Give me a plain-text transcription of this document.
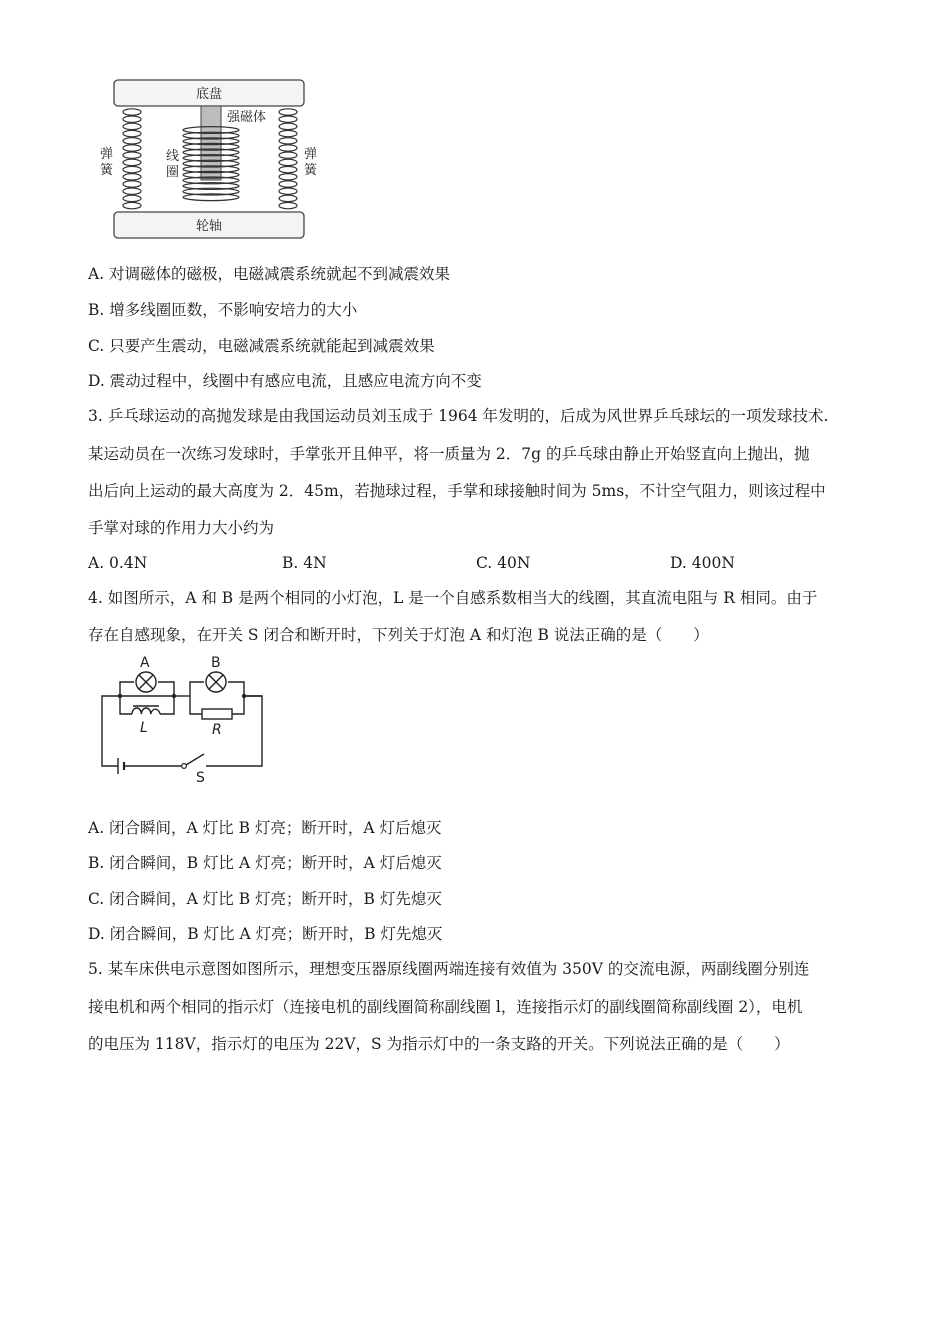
底盘
轮轴
强磁体
线
圈
弹
簧
弹
簧
A. 对调磁体的磁极，电磁减震系统就起不到减震效果
B. 增多线圈匝数，不影响安培力的大小
C. 只要产生震动，电磁减震系统就能起到减震效果
D. 震动过程中，线圈中有感应电流，且感应电流方向不变
3. 乒乓球运动的高抛发球是由我国运动员刘玉成于 1964 年发明的，后成为风世界乒乓球坛的一项发球技术.
某运动员在一次练习发球时，手掌张开且伸平，将一质量为 2．7g 的乒乓球由静止开始竖直向上抛出，抛
出后向上运动的最大高度为 2．45m，若抛球过程，手掌和球接触时间为 5ms，不计空气阻力，则该过程中
手掌对球的作用力大小约为
A. 0.4N	B. 4N	C. 40N	D. 400N
4. 如图所示，A 和 B 是两个相同的小灯泡，L 是一个自感系数相当大的线圈，其直流电阻与 R 相同。由于
存在自感现象，在开关 S 闭合和断开时，下列关于灯泡 A 和灯泡 B 说法正确的是（　　）
A	B
L	R
S
A. 闭合瞬间，A 灯比 B 灯亮；断开时，A 灯后熄灭
B. 闭合瞬间，B 灯比 A 灯亮；断开时，A 灯后熄灭
C. 闭合瞬间，A 灯比 B 灯亮；断开时，B 灯先熄灭
D. 闭合瞬间，B 灯比 A 灯亮；断开时，B 灯先熄灭
5. 某车床供电示意图如图所示，理想变压器原线圈两端连接有效值为 350V 的交流电源，两副线圈分别连
接电机和两个相同的指示灯（连接电机的副线圈简称副线圈 l，连接指示灯的副线圈简称副线圈 2），电机
的电压为 118V，指示灯的电压为 22V，S 为指示灯中的一条支路的开关。下列说法正确的是（　　）
